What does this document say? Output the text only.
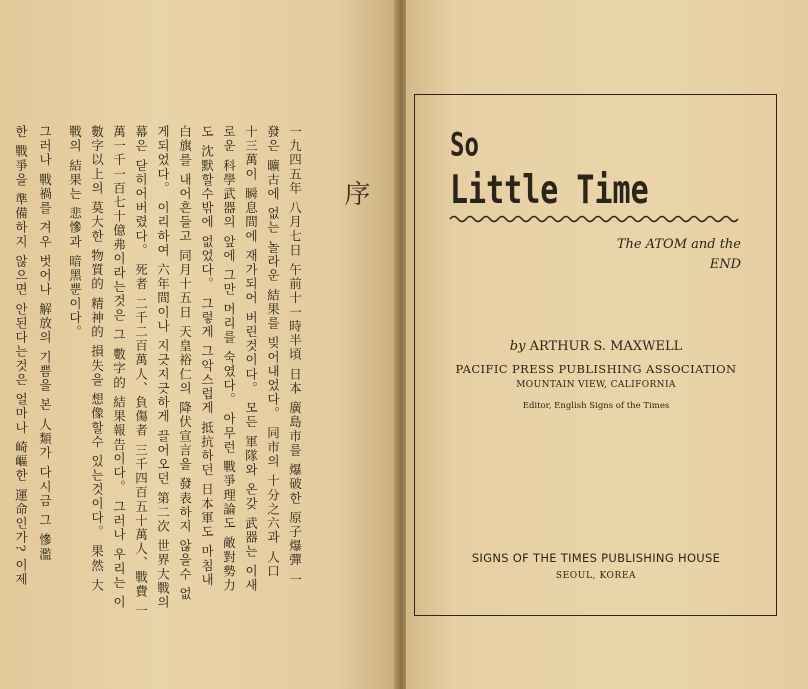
一九四五年 八月七日 午前十一時半頃 日本 廣島市를 爆破한 原子爆彈 一
發은 曠古에 없는 놀라운 結果를 빚어내었다。 同市의 十分之六과 人口
十三萬이 瞬息間에 재가되어 버린것이다。 모든 軍隊와 온갖 武器는 이새
로운 科學武器의 앞에 그만 머리를 숙였다。 아무런 戰爭理論도 敵對勢力
도 沈默할수밖에 없었다。 그렇게 그악스럽게 抵抗하던 日本軍도 마침내
白旗를 내어흔들고 同月十五日 天皇裕仁의 降伏宣言을 發表하지 않을수 없
게되었다。 이리하여 六年間이나 지긋지긋하게 끌어오던 第二次 世界大戰의
幕은 닫히어버렸다。 死者 二千二百萬人、負傷者 三千四百五十萬人、戰費 一
萬一千一百七十億弗이라는것은 그 數字的 結果報告이다。 그러나 우리는 이
數字以上의 莫大한 物質的 精神的 損失을 想像할수 있는것이다。 果然 大
戰의 結果는 悲慘과 暗黑뿐이다。
그러나 戰禍를 겨우 벗어나 解放의 기쁨을 본 人類가 다시금 그 慘濫
한 戰爭을 準備하지 않으면 안된다는것은 얼마나 崎嶇한 運命인가? 이제	序
So
Little Time
The ATOM and the
END
by ARTHUR S. MAXWELL
PACIFIC PRESS PUBLISHING ASSOCIATION
MOUNTAIN VIEW, CALIFORNIA
Editor, English Signs of the Times
SIGNS OF THE TIMES PUBLISHING HOUSE
SEOUL, KOREA
